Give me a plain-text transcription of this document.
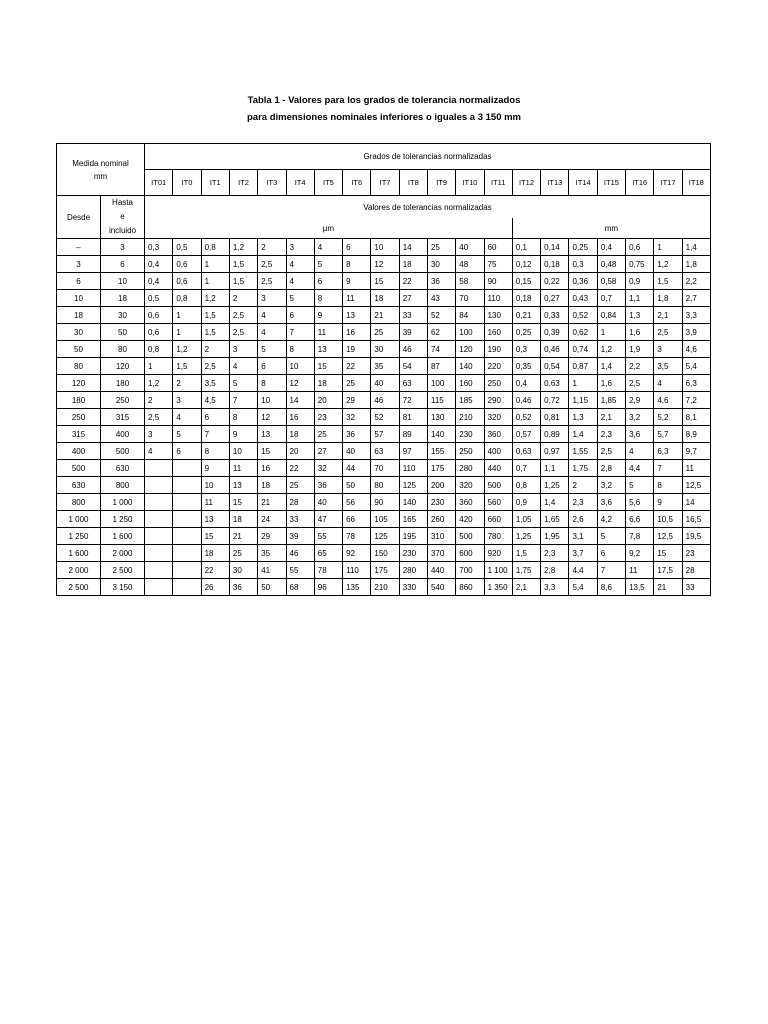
Tabla 1 - Valores para los grados de tolerancia normalizados
para dimensiones nominales inferiores o iguales a 3 150 mm
Medida nominal
mm		Grados de tolerancias normalizadas																			
		IT01	IT0	IT1	IT2	IT3	IT4	IT5	IT6	IT7	IT8	IT9	IT10	IT11	IT12	IT13	IT14	IT15	IT16	IT17	IT18
Desde	Hasta
e
incluido	Valores de tolerancias normalizadas																			
		µm													mm						
–	3	0,3	0,5	0,8	1,2	2	3	4	6	10	14	25	40	60	0,1	0,14	0,25	0,4	0,6	1	1,4
3	6	0,4	0,6	1	1,5	2,5	4	5	8	12	18	30	48	75	0,12	0,18	0,3	0,48	0,75	1,2	1,8
6	10	0,4	0,6	1	1,5	2,5	4	6	9	15	22	36	58	90	0,15	0,22	0,36	0,58	0,9	1,5	2,2
10	18	0,5	0,8	1,2	2	3	5	8	11	18	27	43	70	110	0,18	0,27	0,43	0,7	1,1	1,8	2,7
18	30	0,6	1	1,5	2,5	4	6	9	13	21	33	52	84	130	0,21	0,33	0,52	0,84	1,3	2,1	3,3
30	50	0,6	1	1,5	2,5	4	7	11	16	25	39	62	100	160	0,25	0,39	0,62	1	1,6	2,5	3,9
50	80	0,8	1,2	2	3	5	8	13	19	30	46	74	120	190	0,3	0,46	0,74	1,2	1,9	3	4,6
80	120	1	1,5	2,5	4	6	10	15	22	35	54	87	140	220	0,35	0,54	0,87	1,4	2,2	3,5	5,4
120	180	1,2	2	3,5	5	8	12	18	25	40	63	100	160	250	0,4	0,63	1	1,6	2,5	4	6,3
180	250	2	3	4,5	7	10	14	20	29	46	72	115	185	290	0,46	0,72	1,15	1,85	2,9	4,6	7,2
250	315	2,5	4	6	8	12	16	23	32	52	81	130	210	320	0,52	0,81	1,3	2,1	3,2	5,2	8,1
315	400	3	5	7	9	13	18	25	36	57	89	140	230	360	0,57	0,89	1,4	2,3	3,6	5,7	8,9
400	500	4	6	8	10	15	20	27	40	63	97	155	250	400	0,63	0,97	1,55	2,5	4	6,3	9,7
500	630			9	11	16	22	32	44	70	110	175	280	440	0,7	1,1	1,75	2,8	4,4	7	11
630	800			10	13	18	25	36	50	80	125	200	320	500	0,8	1,25	2	3,2	5	8	12,5
800	1 000			11	15	21	28	40	56	90	140	230	360	560	0,9	1,4	2,3	3,6	5,6	9	14
1 000	1 250			13	18	24	33	47	66	105	165	260	420	660	1,05	1,65	2,6	4,2	6,6	10,5	16,5
1 250	1 600			15	21	29	39	55	78	125	195	310	500	780	1,25	1,95	3,1	5	7,8	12,5	19,5
1 600	2 000			18	25	35	46	65	92	150	230	370	600	920	1,5	2,3	3,7	6	9,2	15	23
2 000	2 500			22	30	41	55	78	110	175	280	440	700	1 100	1,75	2,8	4,4	7	11	17,5	28
2 500	3 150			26	36	50	68	96	135	210	330	540	860	1 350	2,1	3,3	5,4	8,6	13,5	21	33
